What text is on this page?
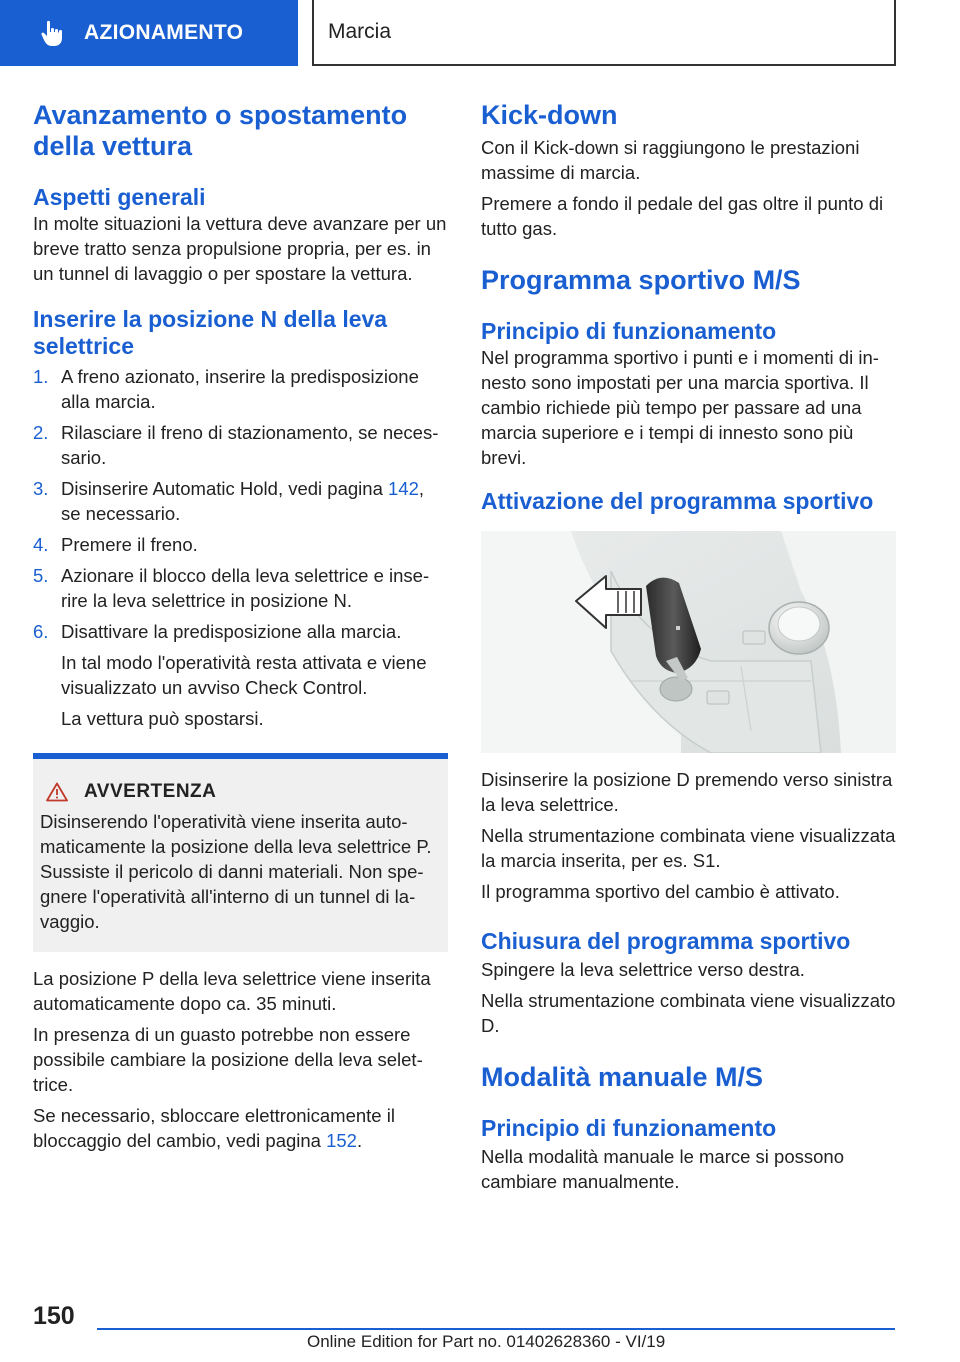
AZIONAMENTO	Marcia
Avanzamento o spostamento della vettura
Aspetti generali

In molte situazioni la vettura deve avanzare per un breve tratto senza propulsione propria, per es. in un tunnel di lavaggio o per spostare la vettura.

Inserire la posizione N della leva selettrice
1. A freno azionato, inserire la predisposizione alla marcia.
2. Rilasciare il freno di stazionamento, se necessario.
3. Disinserire Automatic Hold, vedi pagina 142, se necessario.
4. Premere il freno.
5. Azionare il blocco della leva selettrice e inserire la leva selettrice in posizione N.
6. Disattivare la predisposizione alla marcia.

In tal modo l'operatività resta attivata e viene visualizzato un avviso Check Control.

La vettura può spostarsi.

AVVERTENZA

Disinserendo l'operatività viene inserita automaticamente la posizione della leva selettrice P. Sussiste il pericolo di danni materiali. Non spegnere l'operatività all'interno di un tunnel di lavaggio.

La posizione P della leva selettrice viene inserita automaticamente dopo ca. 35 minuti.

In presenza di un guasto potrebbe non essere possibile cambiare la posizione della leva selettrice.

Se necessario, sbloccare elettronicamente il bloccaggio del cambio, vedi pagina 152.

Kick-down

Con il Kick-down si raggiungono le prestazioni massime di marcia.

Premere a fondo il pedale del gas oltre il punto di tutto gas.

Programma sportivo M/S
Principio di funzionamento

Nel programma sportivo i punti e i momenti di innesto sono impostati per una marcia sportiva. Il cambio richiede più tempo per passare ad una marcia superiore e i tempi di innesto sono più brevi.

Attivazione del programma sportivo

Disinserire la posizione D premendo verso sinistra la leva selettrice.

Nella strumentazione combinata viene visualizzata la marcia inserita, per es. S1.

Il programma sportivo del cambio è attivato.

Chiusura del programma sportivo

Spingere la leva selettrice verso destra.

Nella strumentazione combinata viene visualizzato D.

Modalità manuale M/S
Principio di funzionamento

Nella modalità manuale le marce si possono cambiare manualmente.

150
Online Edition for Part no. 01402628360 - VI/19
